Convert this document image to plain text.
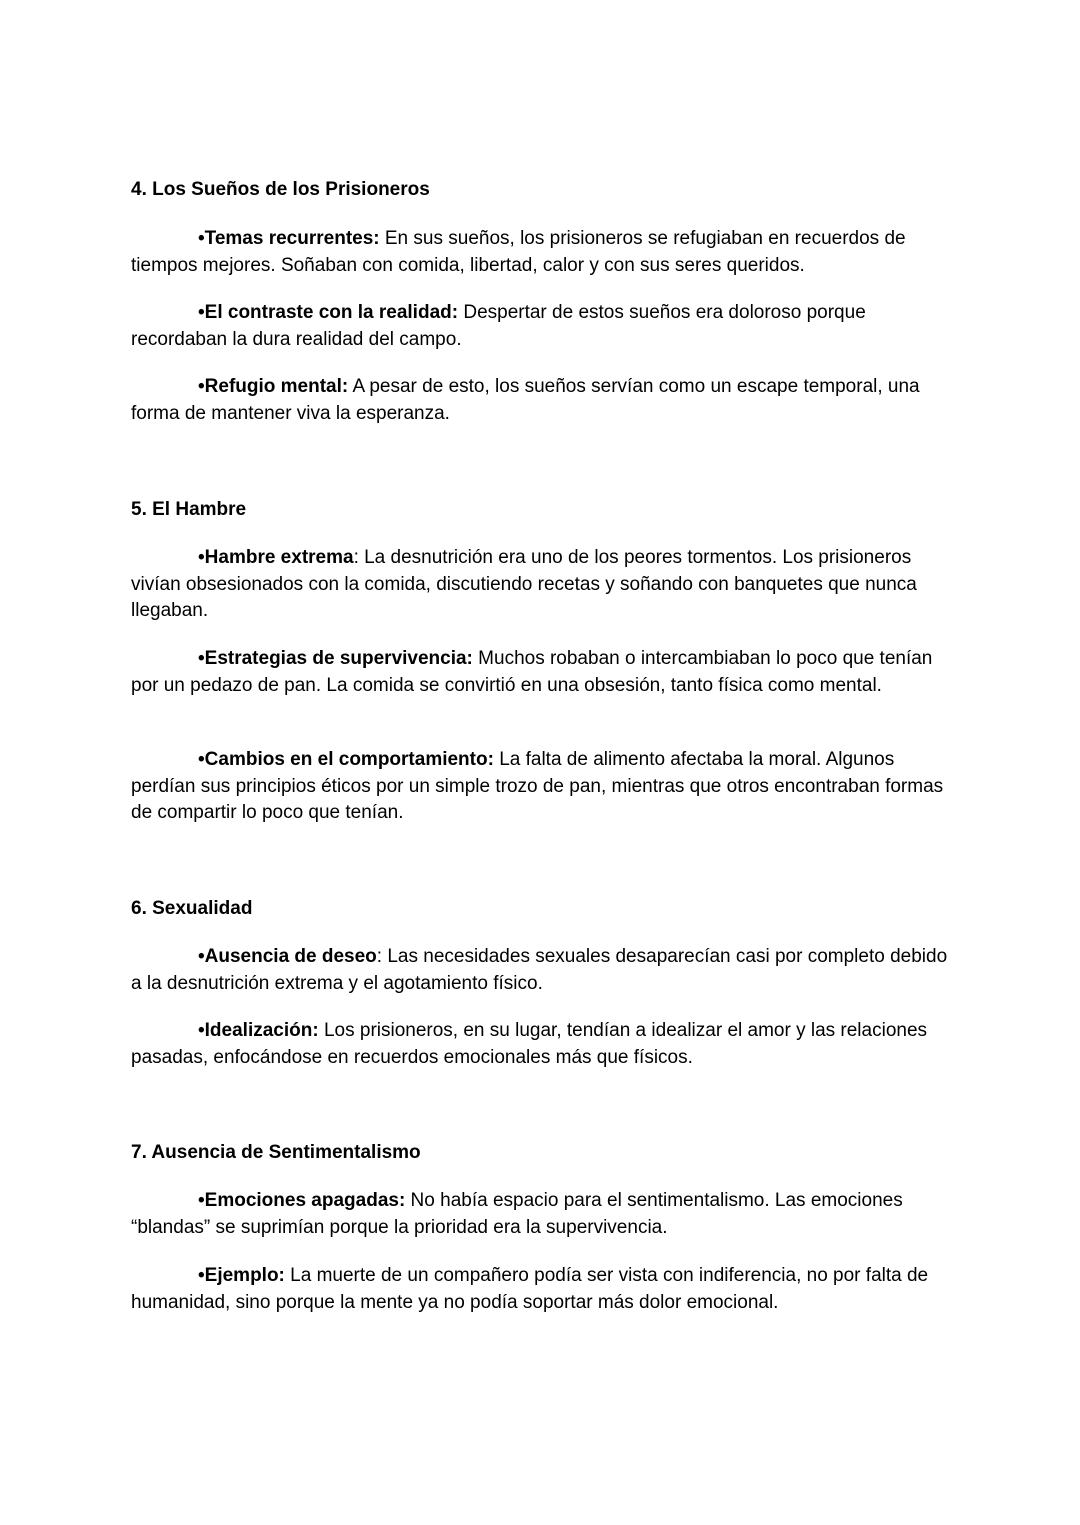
4. Los Sueños de los Prisioneros

•Temas recurrentes: En sus sueños, los prisioneros se refugiaban en recuerdos de tiempos mejores. Soñaban con comida, libertad, calor y con sus seres queridos.

•El contraste con la realidad: Despertar de estos sueños era doloroso porque recordaban la dura realidad del campo.

•Refugio mental: A pesar de esto, los sueños servían como un escape temporal, una forma de mantener viva la esperanza.

5. El Hambre

•Hambre extrema: La desnutrición era uno de los peores tormentos. Los prisioneros vivían obsesionados con la comida, discutiendo recetas y soñando con banquetes que nunca llegaban.

•Estrategias de supervivencia: Muchos robaban o intercambiaban lo poco que tenían por un pedazo de pan. La comida se convirtió en una obsesión, tanto física como mental.

•Cambios en el comportamiento: La falta de alimento afectaba la moral. Algunos perdían sus principios éticos por un simple trozo de pan, mientras que otros encontraban formas de compartir lo poco que tenían.

6. Sexualidad

•Ausencia de deseo: Las necesidades sexuales desaparecían casi por completo debido a la desnutrición extrema y el agotamiento físico.

•Idealización: Los prisioneros, en su lugar, tendían a idealizar el amor y las relaciones pasadas, enfocándose en recuerdos emocionales más que físicos.

7. Ausencia de Sentimentalismo

•Emociones apagadas: No había espacio para el sentimentalismo. Las emociones “blandas” se suprimían porque la prioridad era la supervivencia.

•Ejemplo: La muerte de un compañero podía ser vista con indiferencia, no por falta de humanidad, sino porque la mente ya no podía soportar más dolor emocional.
